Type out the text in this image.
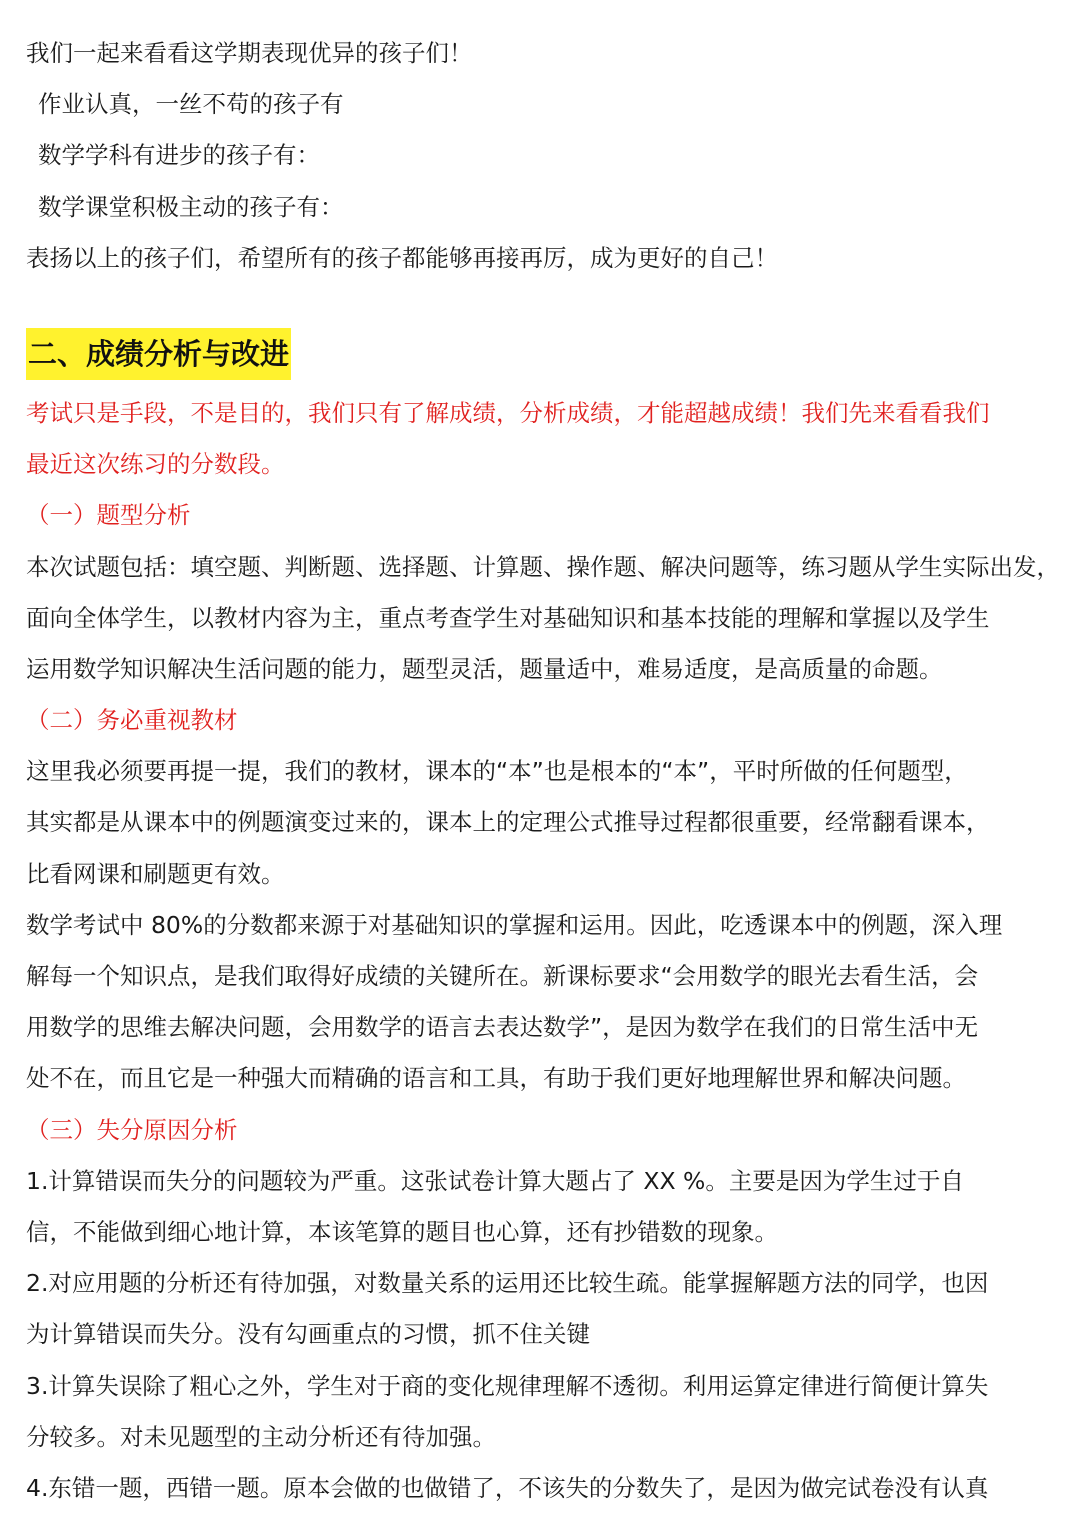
我们一起来看看这学期表现优异的孩子们！
作业认真，一丝不苟的孩子有
数学学科有进步的孩子有：
数学课堂积极主动的孩子有：
表扬以上的孩子们，希望所有的孩子都能够再接再厉，成为更好的自己！
二、成绩分析与改进
考试只是手段，不是目的，我们只有了解成绩，分析成绩，才能超越成绩！我们先来看看我们
最近这次练习的分数段。
（一）题型分析
本次试题包括：填空题、判断题、选择题、计算题、操作题、解决问题等，练习题从学生实际出发，
面向全体学生，以教材内容为主，重点考查学生对基础知识和基本技能的理解和掌握以及学生
运用数学知识解决生活问题的能力，题型灵活，题量适中，难易适度，是高质量的命题。
（二）务必重视教材
这里我必须要再提一提，我们的教材，课本的“本”也是根本的“本”，平时所做的任何题型，
其实都是从课本中的例题演变过来的，课本上的定理公式推导过程都很重要，经常翻看课本，
比看网课和刷题更有效。
数学考试中 80%的分数都来源于对基础知识的掌握和运用。因此，吃透课本中的例题，深入理
解每一个知识点，是我们取得好成绩的关键所在。新课标要求“会用数学的眼光去看生活，会
用数学的思维去解决问题，会用数学的语言去表达数学”，是因为数学在我们的日常生活中无
处不在，而且它是一种强大而精确的语言和工具，有助于我们更好地理解世界和解决问题。
（三）失分原因分析
1.计算错误而失分的问题较为严重。这张试卷计算大题占了 XX %。主要是因为学生过于自
信，不能做到细心地计算，本该笔算的题目也心算，还有抄错数的现象。
2.对应用题的分析还有待加强，对数量关系的运用还比较生疏。能掌握解题方法的同学，也因
为计算错误而失分。没有勾画重点的习惯，抓不住关键
3.计算失误除了粗心之外，学生对于商的变化规律理解不透彻。利用运算定律进行简便计算失
分较多。对未见题型的主动分析还有待加强。
4.东错一题，西错一题。原本会做的也做错了，不该失的分数失了，是因为做完试卷没有认真
